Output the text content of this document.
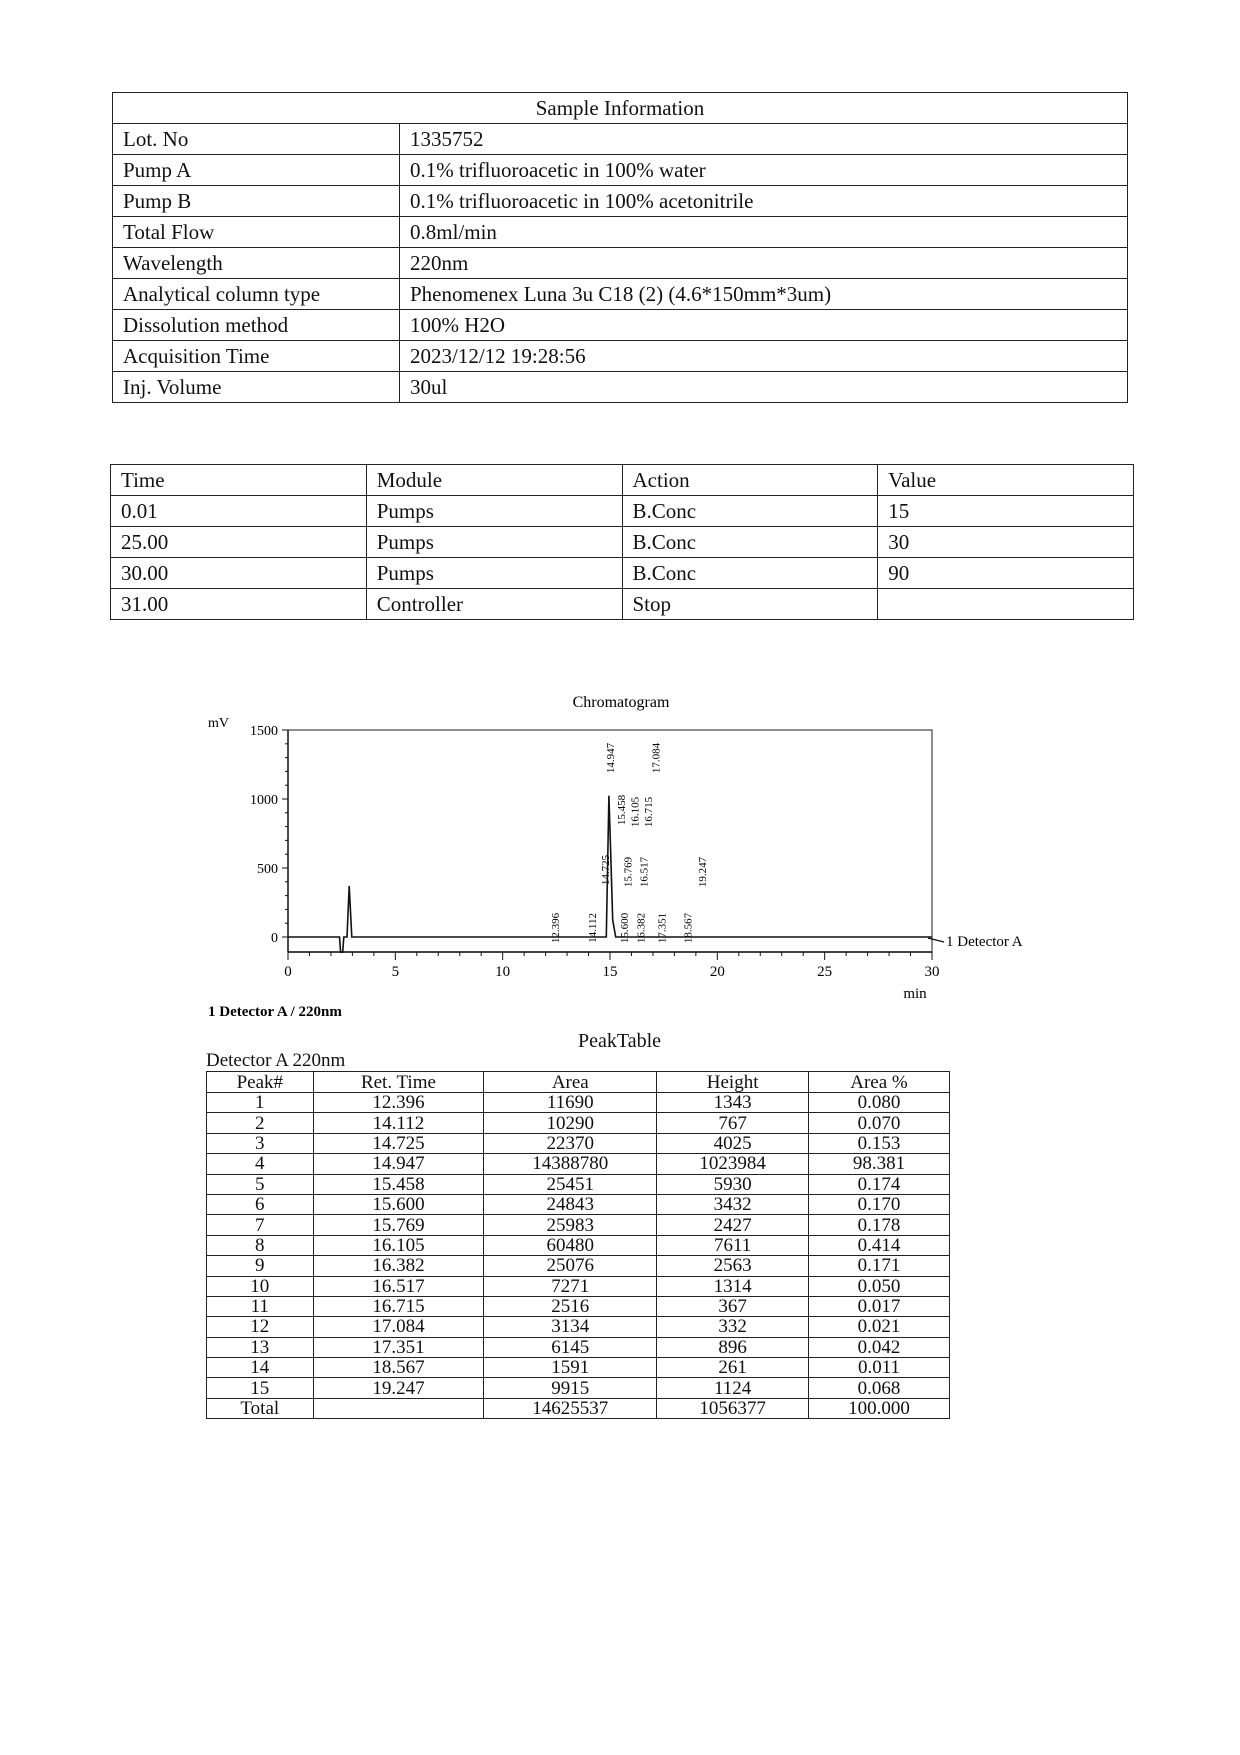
Sample Information	
Lot. No	1335752
Pump A	0.1% trifluoroacetic in 100% water
Pump B	0.1% trifluoroacetic in 100% acetonitrile
Total Flow	0.8ml/min
Wavelength	220nm
Analytical column type	Phenomenex Luna 3u C18 (2) (4.6*150mm*3um)
Dissolution method	100% H2O
Acquisition Time	2023/12/12 19:28:56
Inj. Volume	30ul
Time	Module	Action	Value
0.01	Pumps	B.Conc	15
25.00	Pumps	B.Conc	30
30.00	Pumps	B.Conc	90
31.00	Controller	Stop	
Chromatogram
mV
min
0	5	10	15	20	25	30
0
500
1000
1500
12.396 14.112
14.725
14.947
15.458
15.600
15.769
16.105
16.382
16.517
16.715
17.084
17.351 18.567
19.247
1 Detector A
1 Detector A / 220nm
PeakTable
Detector A 220nm
Peak#	Ret. Time	Area	Height	Area %
1	12.396	11690	1343	0.080
2	14.112	10290	767	0.070
3	14.725	22370	4025	0.153
4	14.947	14388780	1023984	98.381
5	15.458	25451	5930	0.174
6	15.600	24843	3432	0.170
7	15.769	25983	2427	0.178
8	16.105	60480	7611	0.414
9	16.382	25076	2563	0.171
10	16.517	7271	1314	0.050
11	16.715	2516	367	0.017
12	17.084	3134	332	0.021
13	17.351	6145	896	0.042
14	18.567	1591	261	0.011
15	19.247	9915	1124	0.068
Total		14625537	1056377	100.000
